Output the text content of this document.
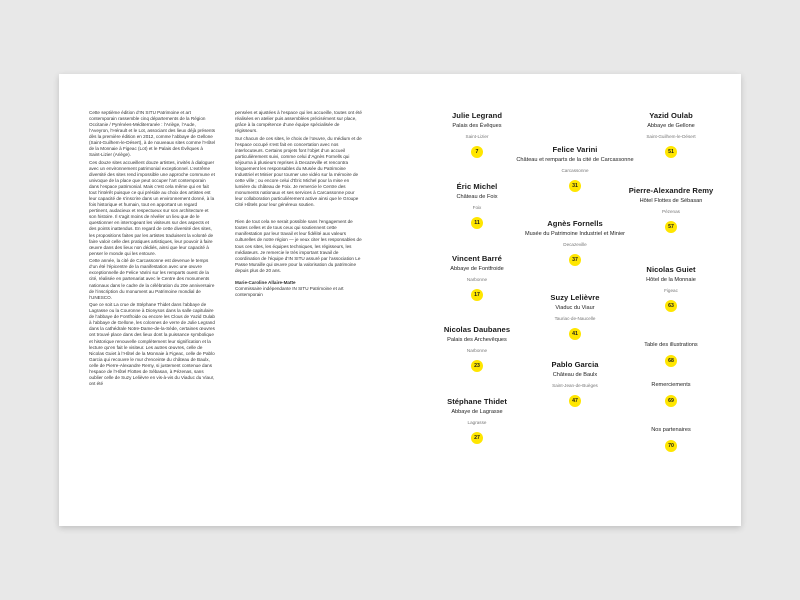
Cette septième édition d’IN SITU Patrimoine et art contemporain rassemble cinq départements de la Région Occitanie / Pyrénées-Méditerranée : l’Ariège, l’Aude, l’Aveyron, l’Hérault et le Lot, associant des lieux déjà présents dès la première édition en 2012, comme l’abbaye de Gellone (Saint-Guilhem-le-Désert), à de nouveaux sites comme l’Hôtel de la Monnaie à Figeac (Lot) et le Palais des Évêques à Saint-Lizier (Ariège).

Ces douze sites accueillent douze artistes, invités à dialoguer avec un environnement patrimonial exceptionnel. L’extrême diversité des sites rend impossible une approche commune et univoque de la place que peut occuper l’art contemporain dans l’espace patrimonial. Mais c’est cela même qui en fait tout l’intérêt puisque ce qui préside au choix des artistes est leur capacité de s’inscrire dans un environnement donné, à la fois historique et humain, tout en apportant un regard pertinent, audacieux et respectueux sur son architecture et son histoire. Il s’agit moins de révéler un lieu que de le questionner en interrogeant les visiteurs sur des aspects et des points inattendus. En regard de cette diversité des sites, les propositions faites par les artistes traduisent la volonté de faire valoir celle des pratiques artistiques, leur pouvoir à faire œuvre dans des lieux non dédiés, ainsi que leur capacité à penser le monde qui les entoure.

Cette année, la cité de Carcassonne est devenue le temps d’un été l’épicentre de la manifestation avec une œuvre exceptionnelle de Felice Varini sur les remparts ouest de la cité, réalisée en partenariat avec le Centre des monuments nationaux dans le cadre de la célébration du 20e anniversaire de l’inscription du monument au Patrimoine mondial de l’UNESCO.

Que ce soit La crue de Stéphane Thidet dans l’abbaye de Lagrasse ou la Couronne à Dionysos dans la salle capitulaire de l’abbaye de Fontfroide ou encore les Clous de Yazid Oulab à l’abbaye de Gellone, les colonnes de verre de Julie Legrand dans la cathédrale Notre-Dame-de-la-Sède, certaines œuvres ont trouvé place dans des lieux dont la puissance symbolique et historique renouvelle complètement leur signification et la lecture qu’en fait le visiteur. Les autres œuvres, celle de Nicolas Guiet à l’Hôtel de la Monnaie à Figeac, celle de Pablo Garcia qui recouvre le mur d’enceinte du château de Baulx, celle de Pierre-Alexandre Remy, si justement contenue dans l’espace de l’Hôtel Flottes de Sébasan, à Pézenas, sans oublier celle de Suzy Lelièvre en vis-à-vis du Viaduc du Viaur, ont été

pensées et ajustées à l’espace qui les accueille, toutes ont été réalisées en atelier puis assemblées précisément sur place, grâce à la compétence d’une équipe spécialisée de régisseurs.

Sur chacun de ces sites, le choix de l’œuvre, du médium et de l’espace occupé s’est fait en concertation avec nos interlocuteurs. Certains projets font l’objet d’un accueil particulièrement suivi, comme celui d’Agnès Fornells qui séjourna à plusieurs reprises à Decazeville et rencontra longuement les responsables du Musée du Patrimoine Industriel et Minier pour tourner une vidéo sur la mémoire de cette ville ; ou encore celui d’Éric Michel pour la mise en lumière du château de Foix. Je remercie le Centre des monuments nationaux et ses services à Carcassonne pour leur collaboration particulièrement active ainsi que le Groupe Cité Hôtels pour leur généreux soutien.

Rien de tout cela ne serait possible sans l’engagement de toutes celles et de tous ceux qui soutiennent cette manifestation par leur travail et leur fidélité aux valeurs culturelles de notre région — je veux citer les responsables de tous ces sites, les équipes techniques, les régisseurs, les médiateurs. Je remercie le très important travail de coordination de l’équipe d’IN SITU assuré par l’association Le Passe Muraille qui œuvre pour la valorisation du patrimoine depuis plus de 20 ans.

Marie-Caroline Allaire-Matte
Commissaire indépendante IN SITU Patrimoine et art contemporain
Julie Legrand
Palais des Évêques
Saint-Lizier
7
Éric Michel
Château de Foix
Foix
11
Vincent Barré
Abbaye de Fontfroide
Narbonne
17
Nicolas Daubanes
Palais des Archevêques
Narbonne
23
Stéphane Thidet
Abbaye de Lagrasse
Lagrasse
27
Felice Varini
Château et remparts de la cité de Carcassonne
Carcassonne
31
Agnès Fornells
Musée du Patrimoine Industriel et Minier
Decazeville
37
Suzy Lelièvre
Viaduc du Viaur
Tauriac-de-Naucelle
41
Pablo Garcia
Château de Baulx
Saint-Jean-de-Buèges
47
Yazid Oulab
Abbaye de Gellone
Saint-Guilhem-le-Désert
51
Pierre-Alexandre Remy
Hôtel Flottes de Sébasan
Pézenas
57
Nicolas Guiet
Hôtel de la Monnaie
Figeac
63
Table des illustrations
68
Remerciements
69
Nos partenaires
70
